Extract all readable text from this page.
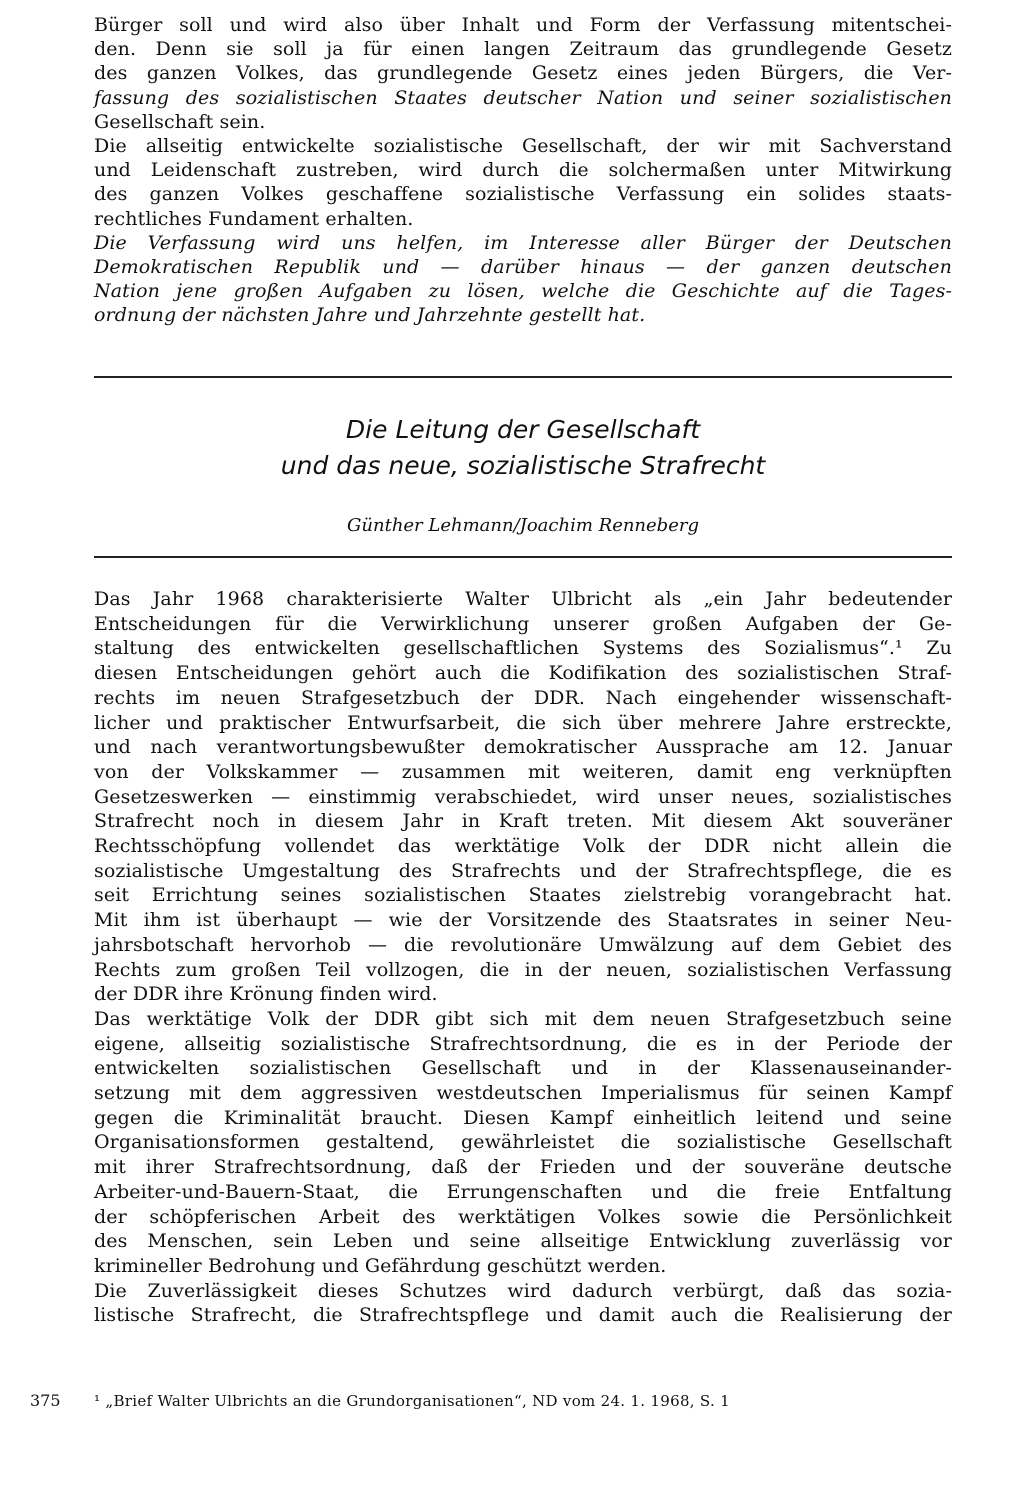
Bürger soll und wird also über Inhalt und Form der Verfassung mitentschei-
den. Denn sie soll ja für einen langen Zeitraum das grundlegende Gesetz
des ganzen Volkes, das grundlegende Gesetz eines jeden Bürgers, die Ver-
fassung des sozialistischen Staates deutscher Nation und seiner sozialistischen
Gesellschaft sein.
Die allseitig entwickelte sozialistische Gesellschaft, der wir mit Sachverstand
und Leidenschaft zustreben, wird durch die solchermaßen unter Mitwirkung
des ganzen Volkes geschaffene sozialistische Verfassung ein solides staats-
rechtliches Fundament erhalten.
Die Verfassung wird uns helfen, im Interesse aller Bürger der Deutschen
Demokratischen Republik und — darüber hinaus — der ganzen deutschen
Nation jene großen Aufgaben zu lösen, welche die Geschichte auf die Tages-
ordnung der nächsten Jahre und Jahrzehnte gestellt hat.
Die Leitung der Gesellschaft
und das neue, sozialistische Strafrecht
Günther Lehmann/Joachim Renneberg
Das Jahr 1968 charakterisierte Walter Ulbricht als „ein Jahr bedeutender
Entscheidungen für die Verwirklichung unserer großen Aufgaben der Ge-
staltung des entwickelten gesellschaftlichen Systems des Sozialismus“.¹ Zu
diesen Entscheidungen gehört auch die Kodifikation des sozialistischen Straf-
rechts im neuen Strafgesetzbuch der DDR. Nach eingehender wissenschaft-
licher und praktischer Entwurfsarbeit, die sich über mehrere Jahre erstreckte,
und nach verantwortungsbewußter demokratischer Aussprache am 12. Januar
von der Volkskammer — zusammen mit weiteren, damit eng verknüpften
Gesetzeswerken — einstimmig verabschiedet, wird unser neues, sozialistisches
Strafrecht noch in diesem Jahr in Kraft treten. Mit diesem Akt souveräner
Rechtsschöpfung vollendet das werktätige Volk der DDR nicht allein die
sozialistische Umgestaltung des Strafrechts und der Strafrechtspflege, die es
seit Errichtung seines sozialistischen Staates zielstrebig vorangebracht hat.
Mit ihm ist überhaupt — wie der Vorsitzende des Staatsrates in seiner Neu-
jahrsbotschaft hervorhob — die revolutionäre Umwälzung auf dem Gebiet des
Rechts zum großen Teil vollzogen, die in der neuen, sozialistischen Verfassung
der DDR ihre Krönung finden wird.
Das werktätige Volk der DDR gibt sich mit dem neuen Strafgesetzbuch seine
eigene, allseitig sozialistische Strafrechtsordnung, die es in der Periode der
entwickelten sozialistischen Gesellschaft und in der Klassenauseinander-
setzung mit dem aggressiven westdeutschen Imperialismus für seinen Kampf
gegen die Kriminalität braucht. Diesen Kampf einheitlich leitend und seine
Organisationsformen gestaltend, gewährleistet die sozialistische Gesellschaft
mit ihrer Strafrechtsordnung, daß der Frieden und der souveräne deutsche
Arbeiter-und-Bauern-Staat, die Errungenschaften und die freie Entfaltung
der schöpferischen Arbeit des werktätigen Volkes sowie die Persönlichkeit
des Menschen, sein Leben und seine allseitige Entwicklung zuverlässig vor
krimineller Bedrohung und Gefährdung geschützt werden.
Die Zuverlässigkeit dieses Schutzes wird dadurch verbürgt, daß das sozia-
listische Strafrecht, die Strafrechtspflege und damit auch die Realisierung der
375 ¹ „Brief Walter Ulbrichts an die Grundorganisationen“, ND vom 24. 1. 1968, S. 1
